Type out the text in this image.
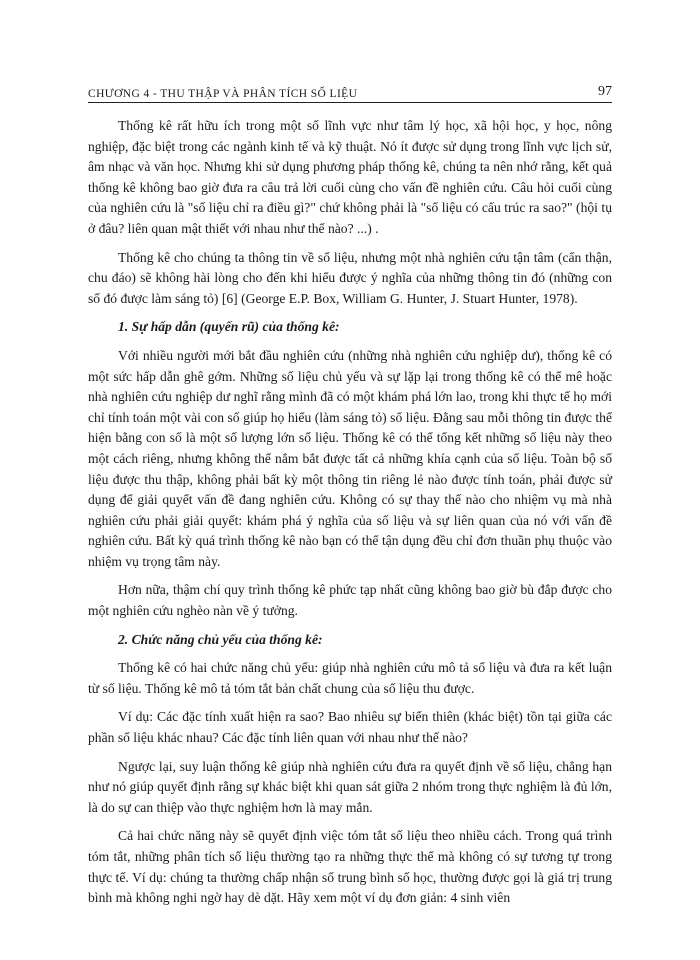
CHƯƠNG 4 - THU THẬP VÀ PHÂN TÍCH SỐ LIỆU	97

Thống kê rất hữu ích trong một số lĩnh vực như tâm lý học, xã hội học, y học, nông nghiệp, đặc biệt trong các ngành kinh tế và kỹ thuật. Nó ít được sử dụng trong lĩnh vực lịch sử, âm nhạc và văn học. Nhưng khi sử dụng phương pháp thống kê, chúng ta nên nhớ rằng, kết quả thống kê không bao giờ đưa ra câu trả lời cuối cùng cho vấn đề nghiên cứu. Câu hỏi cuối cùng của nghiên cứu là "số liệu chỉ ra điều gì?" chứ không phải là "số liệu có cấu trúc ra sao?" (hội tụ ở đâu? liên quan mật thiết với nhau như thế nào? ...) .

Thống kê cho chúng ta thông tin về số liệu, nhưng một nhà nghiên cứu tận tâm (cẩn thận, chu đáo) sẽ không hài lòng cho đến khi hiểu được ý nghĩa của những thông tin đó (những con số đó được làm sáng tỏ) [6] (George E.P. Box, William G. Hunter, J. Stuart Hunter, 1978).

1. Sự hấp dẫn (quyến rũ) của thống kê:

Với nhiều người mới bắt đầu nghiên cứu (những nhà nghiên cứu nghiệp dư), thống kê có một sức hấp dẫn ghê gớm. Những số liệu chủ yếu và sự lặp lại trong thống kê có thể mê hoặc nhà nghiên cứu nghiệp dư nghĩ rằng mình đã có một khám phá lớn lao, trong khi thực tế họ mới chỉ tính toán một vài con số giúp họ hiểu (làm sáng tỏ) số liệu. Đằng sau mỗi thông tin được thể hiện bằng con số là một số lượng lớn số liệu. Thống kê có thể tổng kết những số liệu này theo một cách riêng, nhưng không thể nắm bắt được tất cả những khía cạnh của số liệu. Toàn bộ số liệu được thu thập, không phải bất kỳ một thông tin riêng lẻ nào được tính toán, phải được sử dụng để giải quyết vấn đề đang nghiên cứu. Không có sự thay thế nào cho nhiệm vụ mà nhà nghiên cứu phải giải quyết: khám phá ý nghĩa của số liệu và sự liên quan của nó với vấn đề nghiên cứu. Bất kỳ quá trình thống kê nào bạn có thể tận dụng đều chỉ đơn thuần phụ thuộc vào nhiệm vụ trọng tâm này.

Hơn nữa, thậm chí quy trình thống kê phức tạp nhất cũng không bao giờ bù đắp được cho một nghiên cứu nghèo nàn về ý tưởng.

2. Chức năng chủ yếu của thống kê:

Thống kê có hai chức năng chủ yếu: giúp nhà nghiên cứu mô tả số liệu và đưa ra kết luận từ số liệu. Thống kê mô tả tóm tắt bản chất chung của số liệu thu được.

Ví dụ: Các đặc tính xuất hiện ra sao? Bao nhiêu sự biến thiên (khác biệt) tồn tại giữa các phần số liệu khác nhau? Các đặc tính liên quan với nhau như thế nào?

Ngược lại, suy luận thống kê giúp nhà nghiên cứu đưa ra quyết định về số liệu, chẳng hạn như nó giúp quyết định rằng sự khác biệt khi quan sát giữa 2 nhóm trong thực nghiệm là đủ lớn, là do sự can thiệp vào thực nghiệm hơn là may mắn.

Cả hai chức năng này sẽ quyết định việc tóm tắt số liệu theo nhiều cách. Trong quá trình tóm tắt, những phân tích số liệu thường tạo ra những thực thể mà không có sự tương tự trong thực tế. Ví dụ: chúng ta thường chấp nhận số trung bình số học, thường được gọi là giá trị trung bình mà không nghi ngờ hay dè dặt. Hãy xem một ví dụ đơn giản: 4 sinh viên
